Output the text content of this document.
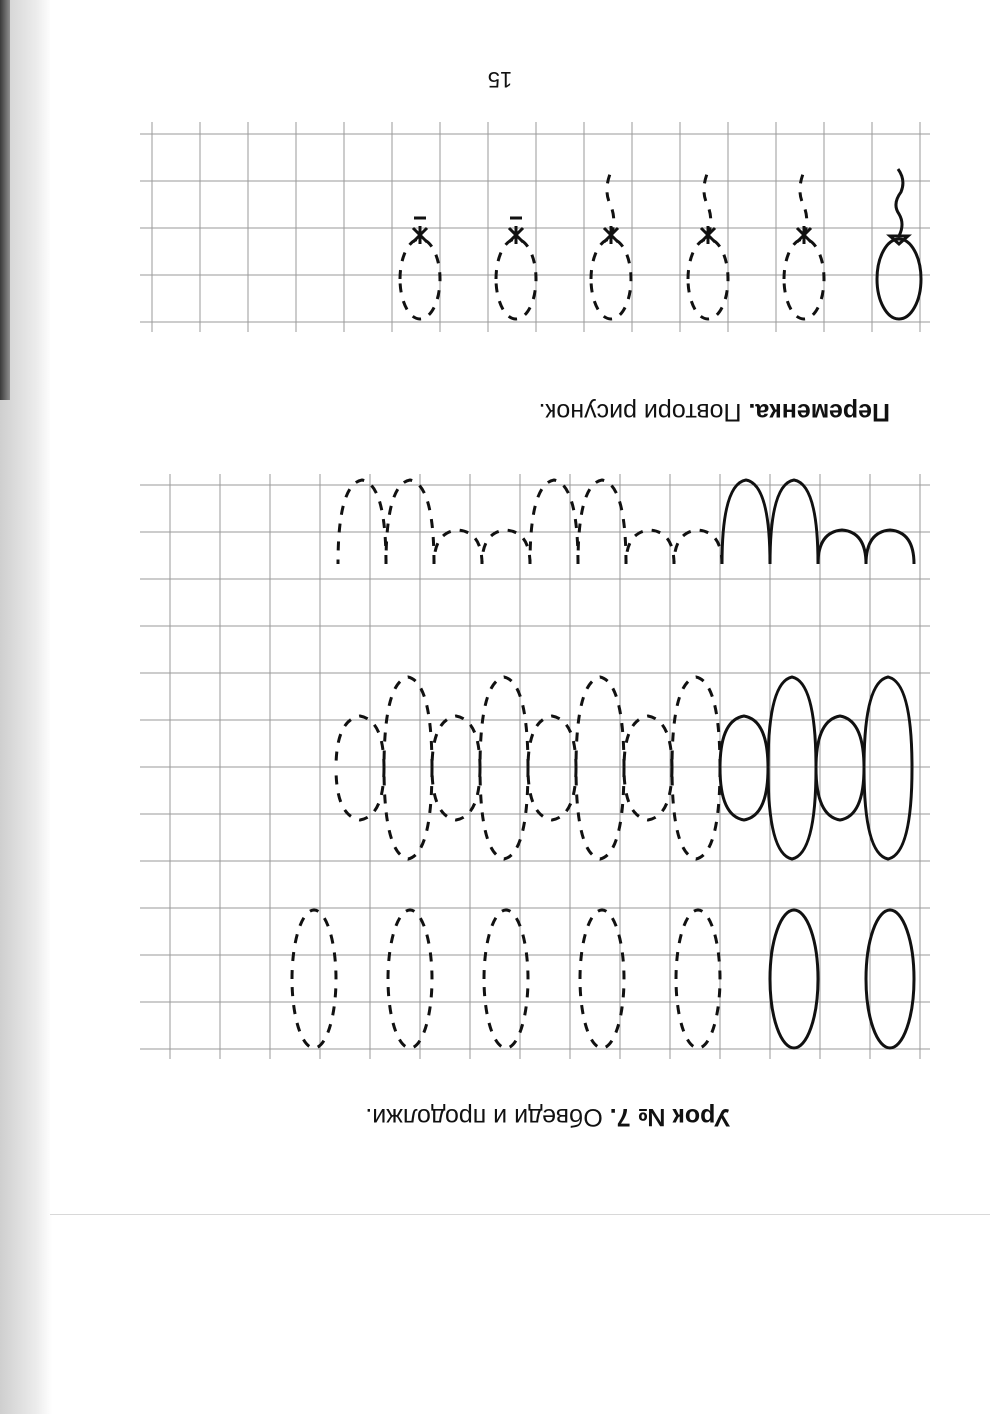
Урок № 7. Обведи и продолжи.
Переменка. Повтори рисунок.
15
